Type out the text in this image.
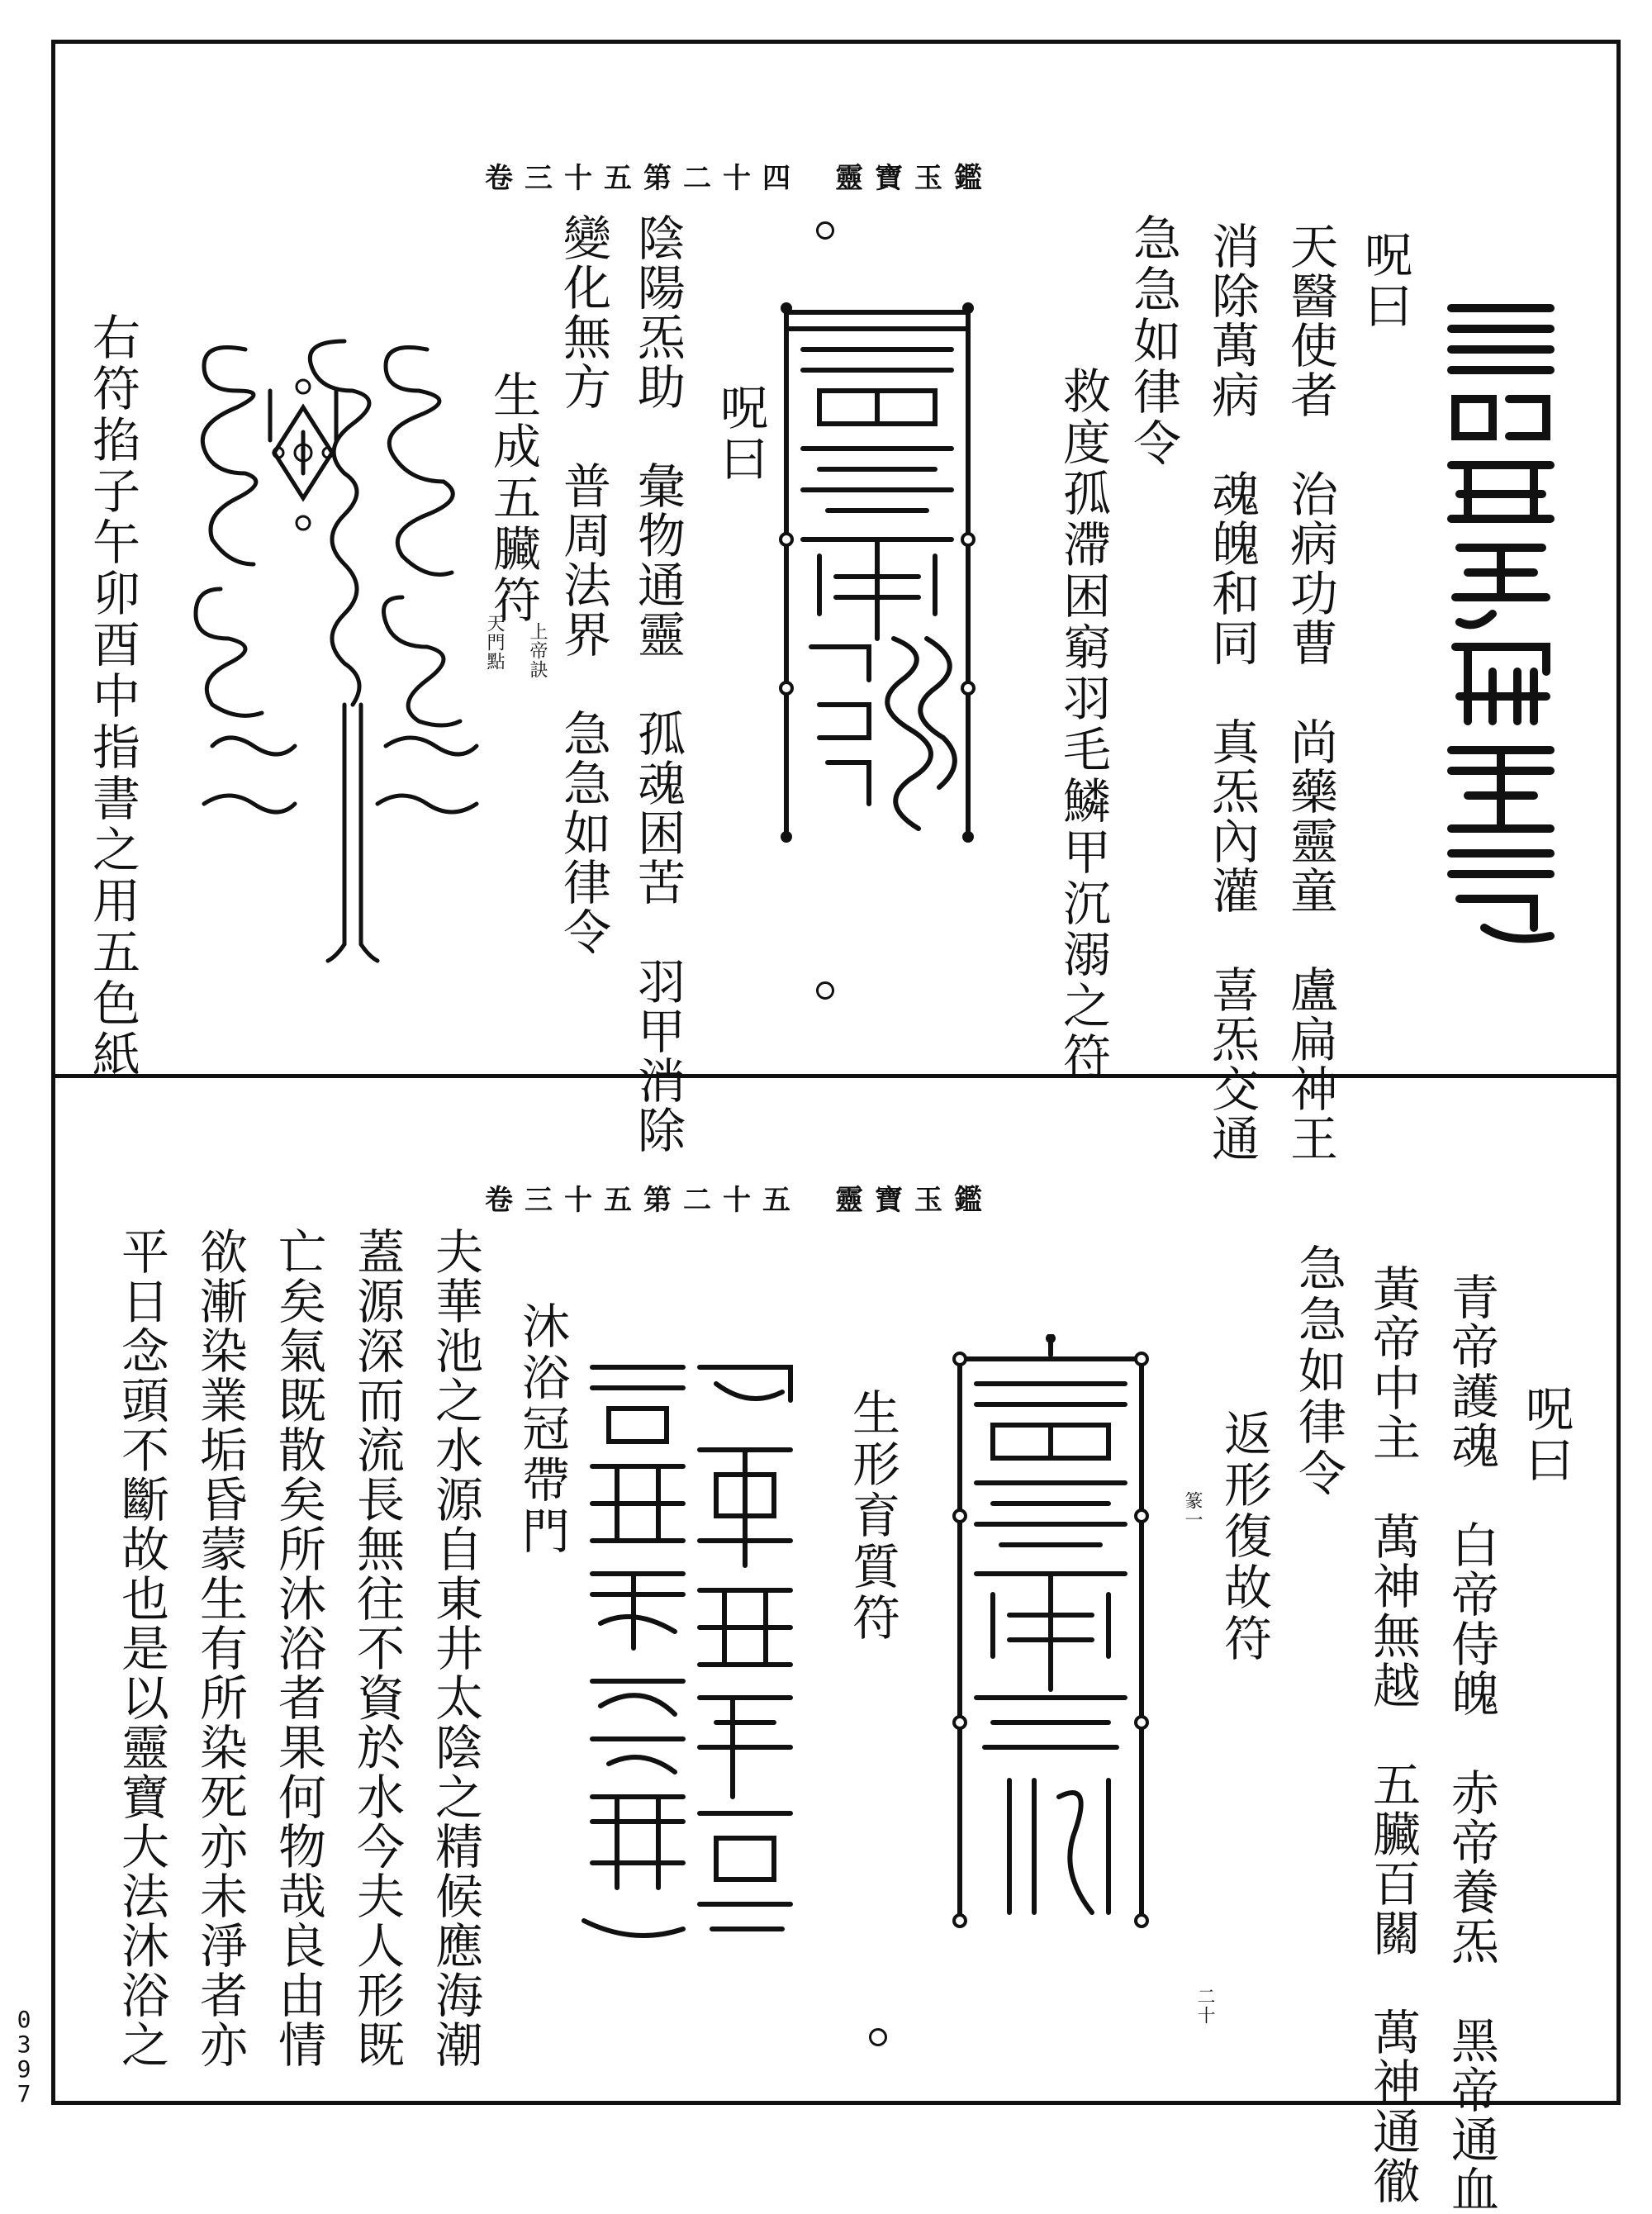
卷三十五第二十四 靈寶玉鑑
呪曰
天醫使者　治病功曹　尚藥靈童　盧扁神王
消除萬病　魂魄和同　真炁內灌　喜炁交通
急急如律令
救度孤滯困窮羽毛鱗甲沉溺之符
呪曰
陰陽炁助　彙物通靈　孤魂困苦　羽甲消除
變化無方　普周法界　急急如律令
生成五臟符
上帝訣
天門點
右符掐子午卯酉中指書之用五色紙
卷三十五第二十五 靈寶玉鑑
呪曰
青帝護魂　白帝侍魄　赤帝養炁　黑帝通血
黃帝中主　萬神無越　五臟百關　萬神通徹
急急如律令
返形復故符
篆一
二十
生形育質符
沐浴冠帶門
夫華池之水源自東井太陰之精候應海潮
蓋源深而流長無往不資於水今夫人形既
亡矣氣既散矣所沐浴者果何物哉良由情
欲漸染業垢昏蒙生有所染死亦未淨者亦
平日念頭不斷故也是以靈寶大法沐浴之
0
3
9
7
